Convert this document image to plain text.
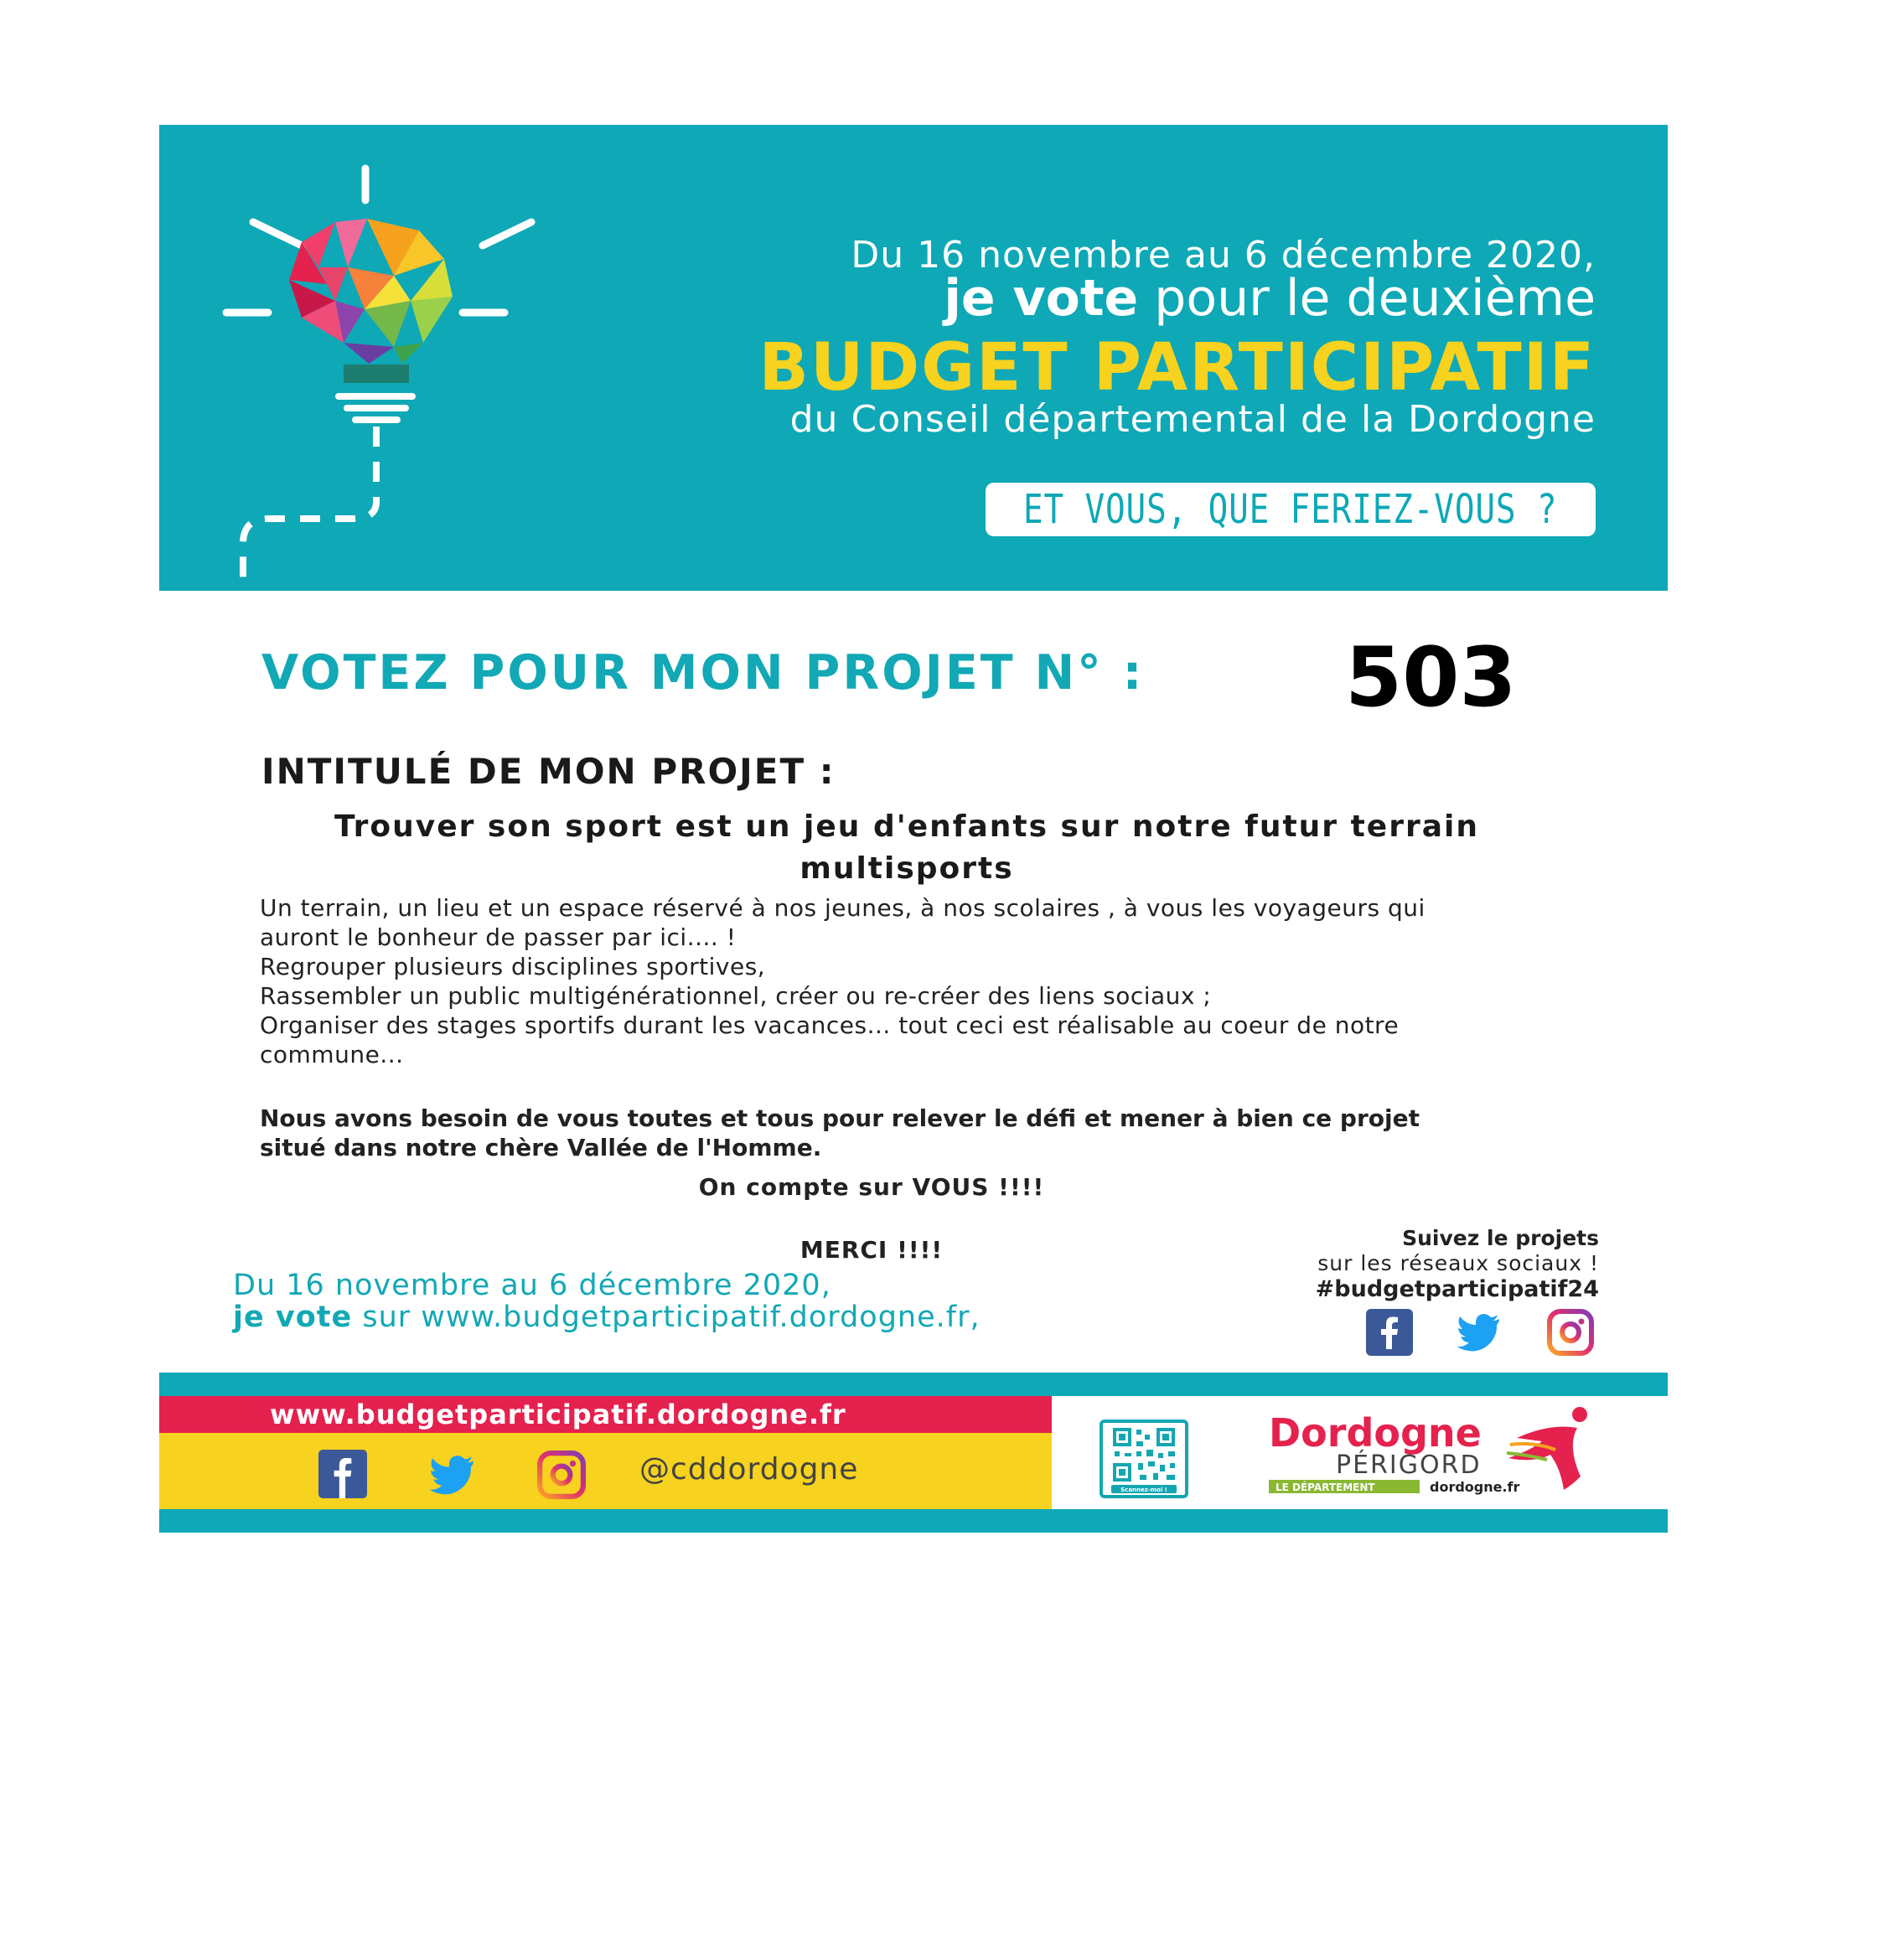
Du 16 novembre au 6 décembre 2020,
je vote pour le deuxième
BUDGET PARTICIPATIF
du Conseil départemental de la Dordogne
ET VOUS, QUE FERIEZ-VOUS ?
VOTEZ POUR MON PROJET N° : 503
INTITULÉ DE MON PROJET :
Trouver son sport est un jeu d'enfants sur notre futur terrain multisports
Un terrain, un lieu et un espace réservé à nos jeunes, à nos scolaires , à vous les voyageurs qui
auront le bonheur de passer par ici.... !
Regrouper plusieurs disciplines sportives,
Rassembler un public multigénérationnel, créer ou re-créer des liens sociaux ;
Organiser des stages sportifs durant les vacances... tout ceci est réalisable au coeur de notre
commune...
Nous avons besoin de vous toutes et tous pour relever le défi et mener à bien ce projet
situé dans notre chère Vallée de l'Homme.
On compte sur VOUS !!!!
MERCI !!!!
Du 16 novembre au 6 décembre 2020,
je vote sur www.budgetparticipatif.dordogne.fr,
Suivez le projets
sur les réseaux sociaux !
#budgetparticipatif24
www.budgetparticipatif.dordogne.fr
@cddordogne
Scannez-moi !
Dordogne
PÉRIGORD
LE DÉPARTEMENT	dordogne.fr
